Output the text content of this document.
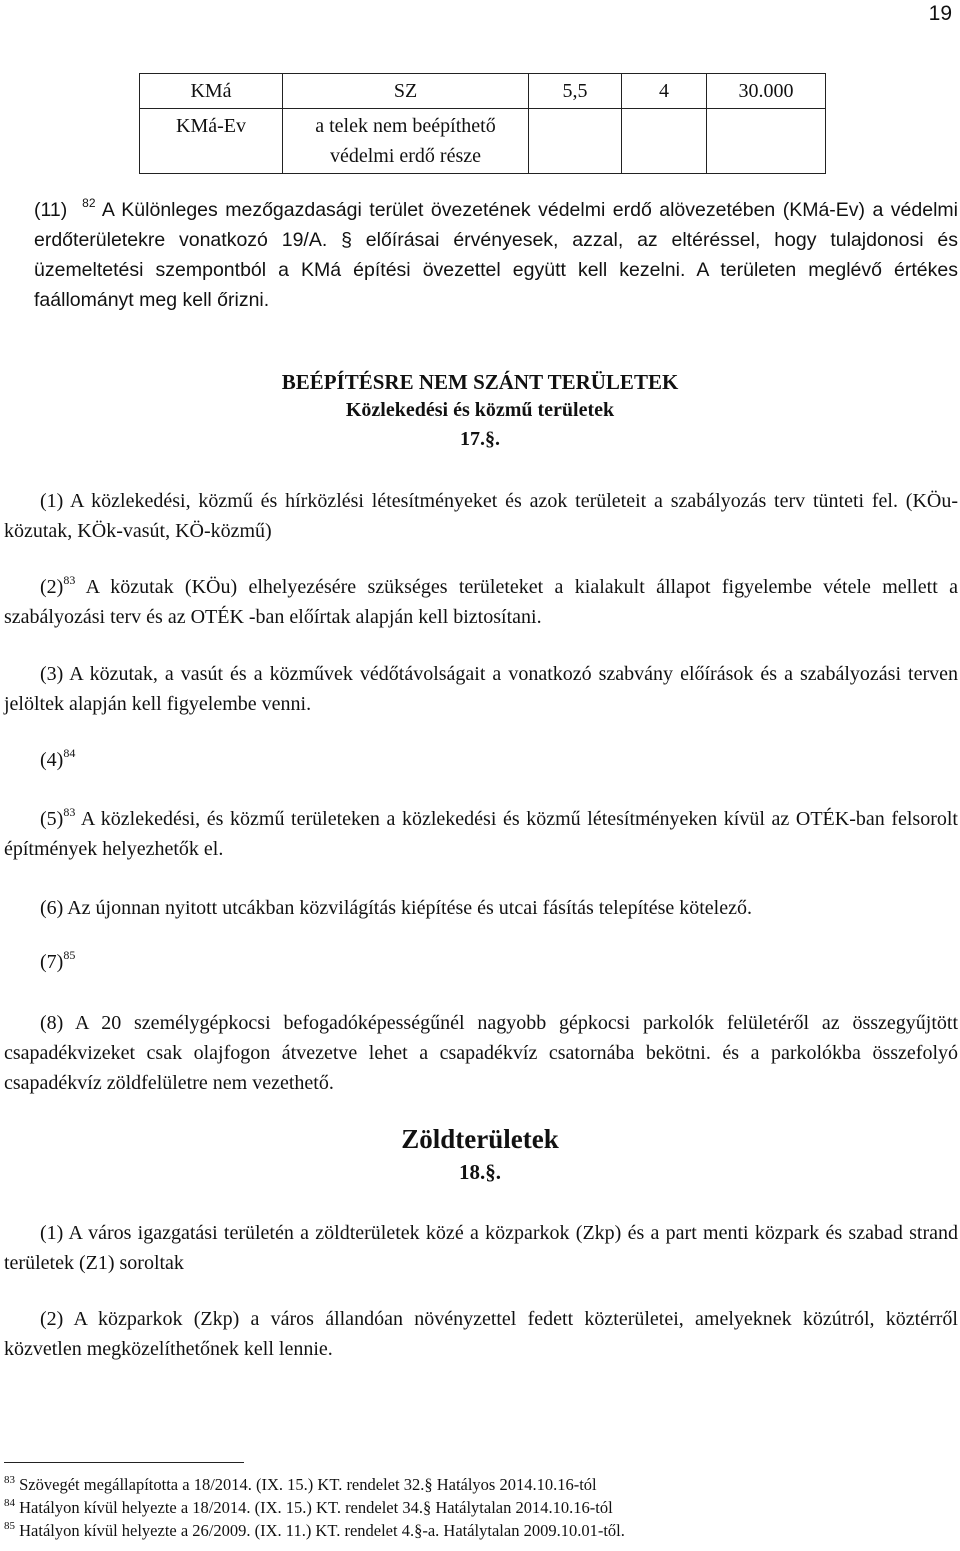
19
KMá	SZ	5,5	4	30.000
KMá-Ev	a telek nem beépíthető védelmi erdő része			

(11) $^{82}$ A Különleges mezőgazdasági terület övezetének védelmi erdő alövezetében (KMá-Ev) a védelmi erdőterületekre vonatkozó 19/A. § előírásai érvényesek, azzal, az eltéréssel, hogy tulajdonosi és üzemeltetési szempontból a KMá építési övezettel együtt kell kezelni. A területen meglévő értékes faállományt meg kell őrizni.

BEÉPÍTÉSRE NEM SZÁNT TERÜLETEK
Közlekedési és közmű területek
17.§.

(1) A közlekedési, közmű és hírközlési létesítményeket és azok területeit a szabályozás terv tünteti fel. (KÖu-közutak, KÖk-vasút, KÖ-közmű)

$(2)^{83}$ A közutak (KÖu) elhelyezésére szükséges területeket a kialakult állapot figyelembe vétele mellett a szabályozási terv és az OTÉK -ban előírtak alapján kell biztosítani.

(3) A közutak, a vasút és a közművek védőtávolságait a vonatkozó szabvány előírások és a szabályozási terven jelöltek alapján kell figyelembe venni.

$(4)^{84}$

$(5)^{83}$ A közlekedési, és közmű területeken a közlekedési és közmű létesítményeken kívül az OTÉK-ban felsorolt építmények helyezhetők el.

(6) Az újonnan nyitott utcákban közvilágítás kiépítése és utcai fásítás telepítése kötelező.

$(7)^{85}$

(8) A 20 személygépkocsi befogadóképességűnél nagyobb gépkocsi parkolók felületéről az összegyűjtött csapadékvizeket csak olajfogon átvezetve lehet a csapadékvíz csatornába bekötni. és a parkolókba összefolyó csapadékvíz zöldfelületre nem vezethető.

Zöldterületek
18.§.

(1) A város igazgatási területén a zöldterületek közé a közparkok (Zkp) és a part menti közpark és szabad strand területek (Z1) soroltak

(2) A közparkok (Zkp) a város állandóan növényzettel fedett közterületei, amelyeknek közútról, köztérről közvetlen megközelíthetőnek kell lennie.

$^{83}$ Szövegét megállapította a 18/2014. (IX. 15.) KT. rendelet 32.§ Hatályos 2014.10.16-tól

$^{84}$ Hatályon kívül helyezte a 18/2014. (IX. 15.) KT. rendelet 34.§ Hatálytalan 2014.10.16-tól

$^{85}$ Hatályon kívül helyezte a 26/2009. (IX. 11.) KT. rendelet 4.§-a. Hatálytalan 2009.10.01-től.
